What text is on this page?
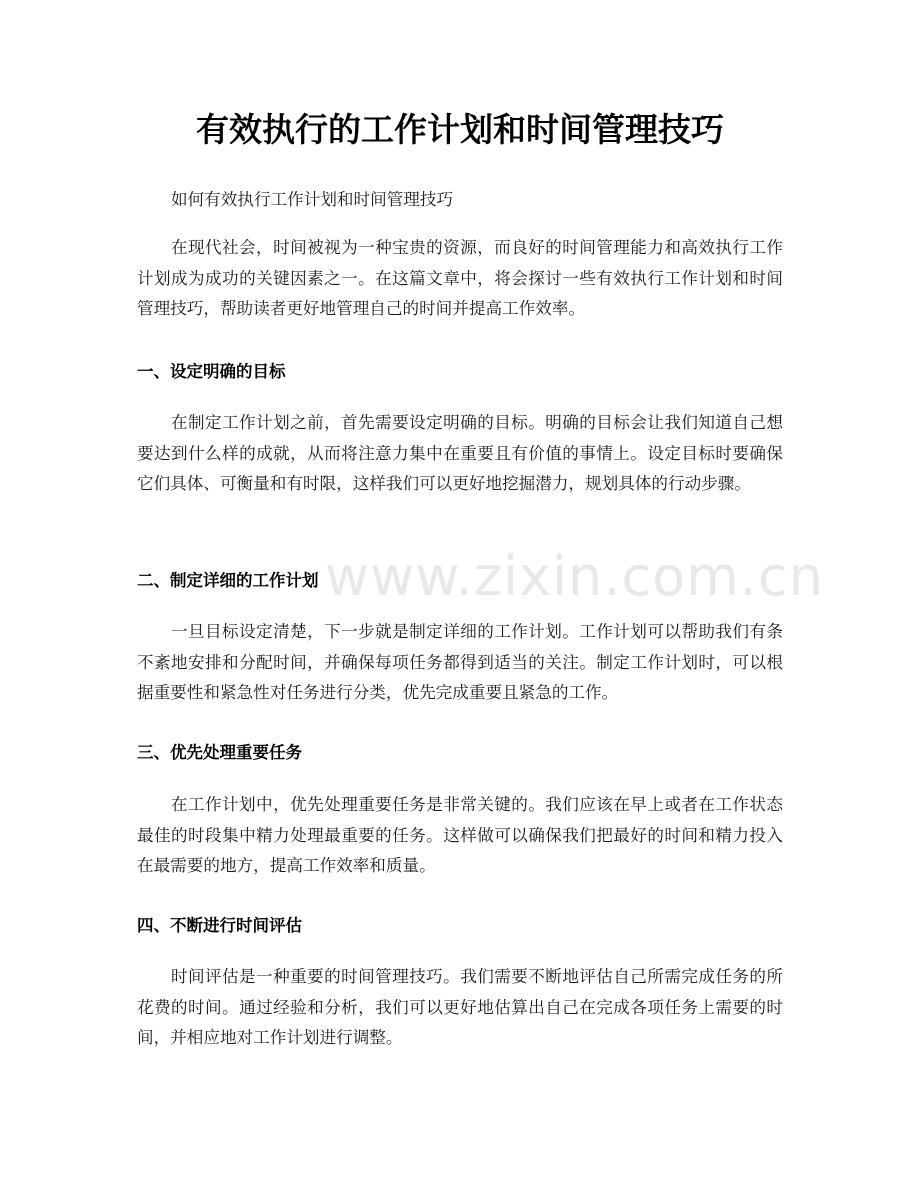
有效执行的工作计划和时间管理技巧

如何有效执行工作计划和时间管理技巧

在现代社会，时间被视为一种宝贵的资源，而良好的时间管理能力和高效执行工作计划成为成功的关键因素之一。在这篇文章中，将会探讨一些有效执行工作计划和时间管理技巧，帮助读者更好地管理自己的时间并提高工作效率。

一、设定明确的目标

在制定工作计划之前，首先需要设定明确的目标。明确的目标会让我们知道自己想要达到什么样的成就，从而将注意力集中在重要且有价值的事情上。设定目标时要确保它们具体、可衡量和有时限，这样我们可以更好地挖掘潜力，规划具体的行动步骤。

二、制定详细的工作计划

一旦目标设定清楚，下一步就是制定详细的工作计划。工作计划可以帮助我们有条不紊地安排和分配时间，并确保每项任务都得到适当的关注。制定工作计划时，可以根据重要性和紧急性对任务进行分类，优先完成重要且紧急的工作。

三、优先处理重要任务

在工作计划中，优先处理重要任务是非常关键的。我们应该在早上或者在工作状态最佳的时段集中精力处理最重要的任务。这样做可以确保我们把最好的时间和精力投入在最需要的地方，提高工作效率和质量。

四、不断进行时间评估

时间评估是一种重要的时间管理技巧。我们需要不断地评估自己所需完成任务的所花费的时间。通过经验和分析，我们可以更好地估算出自己在完成各项任务上需要的时间，并相应地对工作计划进行调整。

www.zixin.com.cn
